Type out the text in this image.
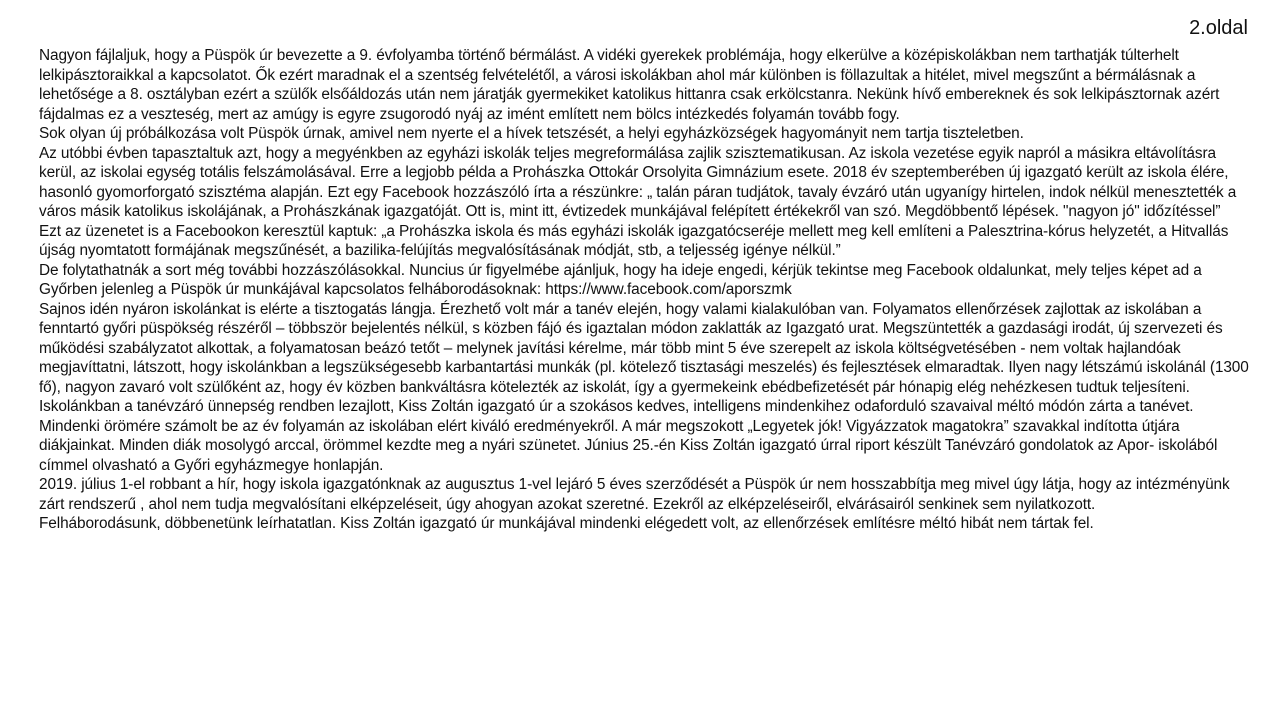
2.oldal

Nagyon fájlaljuk, hogy a Püspök úr bevezette a 9. évfolyamba történő bérmálást. A vidéki gyerekek problémája, hogy elkerülve a középiskolákban nem tarthatják túlterhelt lelkipásztoraikkal a kapcsolatot. Ők ezért maradnak el a szentség felvételétől, a városi iskolákban ahol már különben is föllazultak a hitélet, mivel megszűnt a bérmálásnak a lehetősége a 8. osztályban ezért a szülők elsőáldozás után nem járatják gyermekiket katolikus hittanra csak erkölcstanra. Nekünk hívő embereknek és sok lelkipásztornak azért fájdalmas ez a veszteség, mert az amúgy is egyre zsugorodó nyáj az imént említett nem bölcs intézkedés folyamán tovább fogy.

Sok olyan új próbálkozása volt Püspök úrnak, amivel nem nyerte el a hívek tetszését, a helyi egyházközségek hagyományit nem tartja tiszteletben.

Az utóbbi évben tapasztaltuk azt, hogy a megyénkben az egyházi iskolák teljes megreformálása zajlik szisztematikusan. Az iskola vezetése egyik napról a másikra eltávolításra kerül, az iskolai egység totális felszámolásával. Erre a legjobb példa a Prohászka Ottokár Orsolyita Gimnázium esete. 2018 év szeptemberében új igazgató került az iskola élére, hasonló gyomorforgató szisztéma alapján. Ezt egy Facebook hozzászóló írta a részünkre: „ talán páran tudjátok, tavaly évzáró után ugyanígy hirtelen, indok nélkül menesztették a város másik katolikus iskolájának, a Prohászkának igazgatóját. Ott is, mint itt, évtizedek munkájával felépített értékekről van szó. Megdöbbentő lépések. "nagyon jó" időzítéssel”

Ezt az üzenetet is a Facebookon keresztül kaptuk: „a Prohászka iskola és más egyházi iskolák igazgatócseréje mellett meg kell említeni a Palesztrina-kórus helyzetét, a Hitvallás újság nyomtatott formájának megszűnését, a bazilika-felújítás megvalósításának módját, stb, a teljesség igénye nélkül.”

De folytathatnák a sort még további hozzászólásokkal. Nuncius úr figyelmébe ajánljuk, hogy ha ideje engedi, kérjük tekintse meg Facebook oldalunkat, mely teljes képet ad a Győrben jelenleg a Püspök úr munkájával kapcsolatos felháborodásoknak: https://www.facebook.com/aporszmk

Sajnos idén nyáron iskolánkat is elérte a tisztogatás lángja. Érezhető volt már a tanév elején, hogy valami kialakulóban van. Folyamatos ellenőrzések zajlottak az iskolában a fenntartó győri püspökség részéről – többször bejelentés nélkül, s közben fájó és igaztalan módon zaklatták az Igazgató urat. Megszüntették a gazdasági irodát, új szervezeti és működési szabályzatot alkottak, a folyamatosan beázó tetőt – melynek javítási kérelme, már több mint 5 éve szerepelt az iskola költségvetésében - nem voltak hajlandóak megjavíttatni, látszott, hogy iskolánkban a legszükségesebb karbantartási munkák (pl. kötelező tisztasági meszelés) és fejlesztések elmaradtak. Ilyen nagy létszámú iskolánál (1300 fő), nagyon zavaró volt szülőként az, hogy év közben bankváltásra kötelezték az iskolát, így a gyermekeink ebédbefizetését pár hónapig elég nehézkesen tudtuk teljesíteni.

Iskolánkban a tanévzáró ünnepség rendben lezajlott, Kiss Zoltán igazgató úr a szokásos kedves, intelligens mindenkihez odaforduló szavaival méltó módón zárta a tanévet. Mindenki örömére számolt be az év folyamán az iskolában elért kiváló eredményekről. A már megszokott „Legyetek jók! Vigyázzatok magatokra” szavakkal indította útjára diákjainkat. Minden diák mosolygó arccal, örömmel kezdte meg a nyári szünetet. Június 25.-én Kiss Zoltán igazgató úrral riport készült Tanévzáró gondolatok az Apor- iskolából címmel olvasható a Győri egyházmegye honlapján.

2019. július 1-el robbant a hír, hogy iskola igazgatónknak az augusztus 1-vel lejáró 5 éves szerződését a Püspök úr nem hosszabbítja meg mivel úgy látja, hogy az intézményünk zárt rendszerű , ahol nem tudja megvalósítani elképzeléseit, úgy ahogyan azokat szeretné. Ezekről az elképzeléseiről, elvárásairól senkinek sem nyilatkozott.

Felháborodásunk, döbbenetünk leírhatatlan. Kiss Zoltán igazgató úr munkájával mindenki elégedett volt, az ellenőrzések említésre méltó hibát nem tártak fel.
